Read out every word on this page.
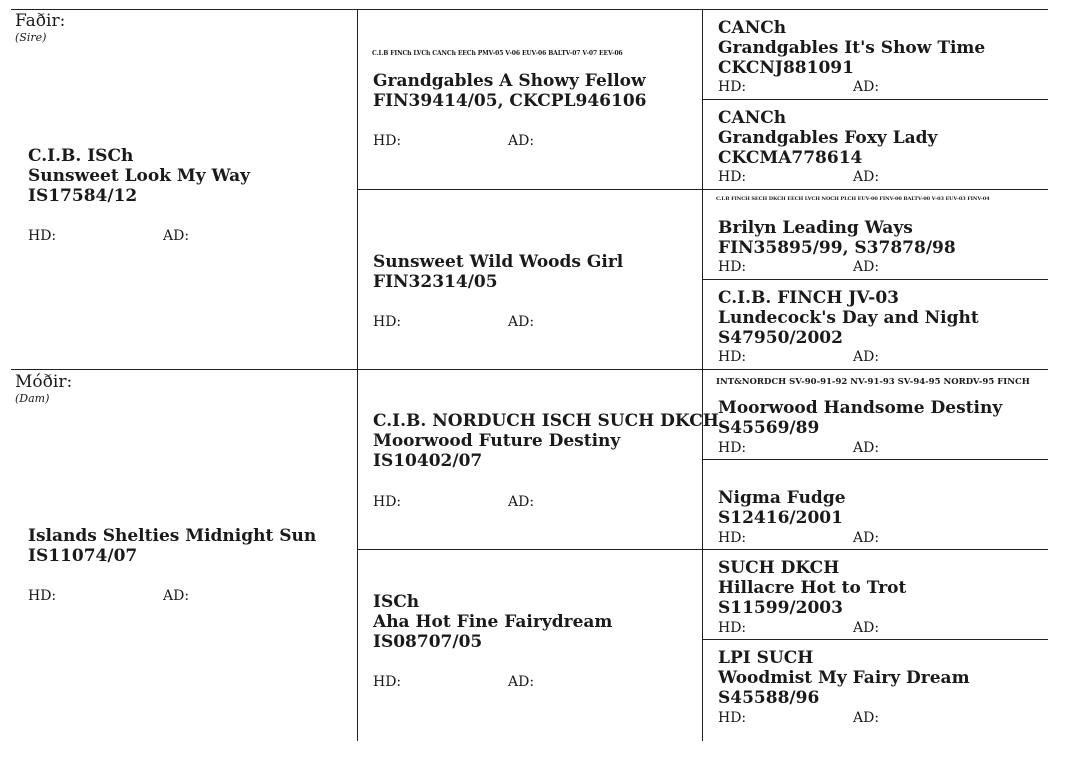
Faðir:
(Sire)
C.I.B. ISCh
Sunsweet Look My Way
IS17584/12
HD:	AD:
Móðir:
(Dam)
Islands Shelties Midnight Sun
IS11074/07
HD:	AD:
C.I.B FINCh LVCh CANCh EECh PMV-05 V-06 EUV-06 BALTV-07 V-07 EEV-06
Grandgables A Showy Fellow
FIN39414/05, CKCPL946106
HD:	AD:
Sunsweet Wild Woods Girl
FIN32314/05
HD:	AD:
C.I.B. NORDUCH ISCH SUCH DKCH
Moorwood Future Destiny
IS10402/07
HD:	AD:
ISCh
Aha Hot Fine Fairydream
IS08707/05
HD:	AD:
CANCh
Grandgables It's Show Time
CKCNJ881091
HD:	AD:
CANCh
Grandgables Foxy Lady
CKCMA778614
HD:	AD:
C.I.B FINCH SECH DKCH EECH LVCH NOCH PLCH EUV-00 FINV-00 BALTV-00 V-03 EUV-03 FINV-04
Brilyn Leading Ways
FIN35895/99, S37878/98
HD:	AD:
C.I.B. FINCH JV-03
Lundecock's Day and Night
S47950/2002
HD:	AD:
INT&NORDCH SV-90-91-92 NV-91-93 SV-94-95 NORDV-95 FINCH
Moorwood Handsome Destiny
S45569/89
HD:	AD:
Nigma Fudge
S12416/2001
HD:	AD:
SUCH DKCH
Hillacre Hot to Trot
S11599/2003
HD:	AD:
LPI SUCH
Woodmist My Fairy Dream
S45588/96
HD:	AD:
